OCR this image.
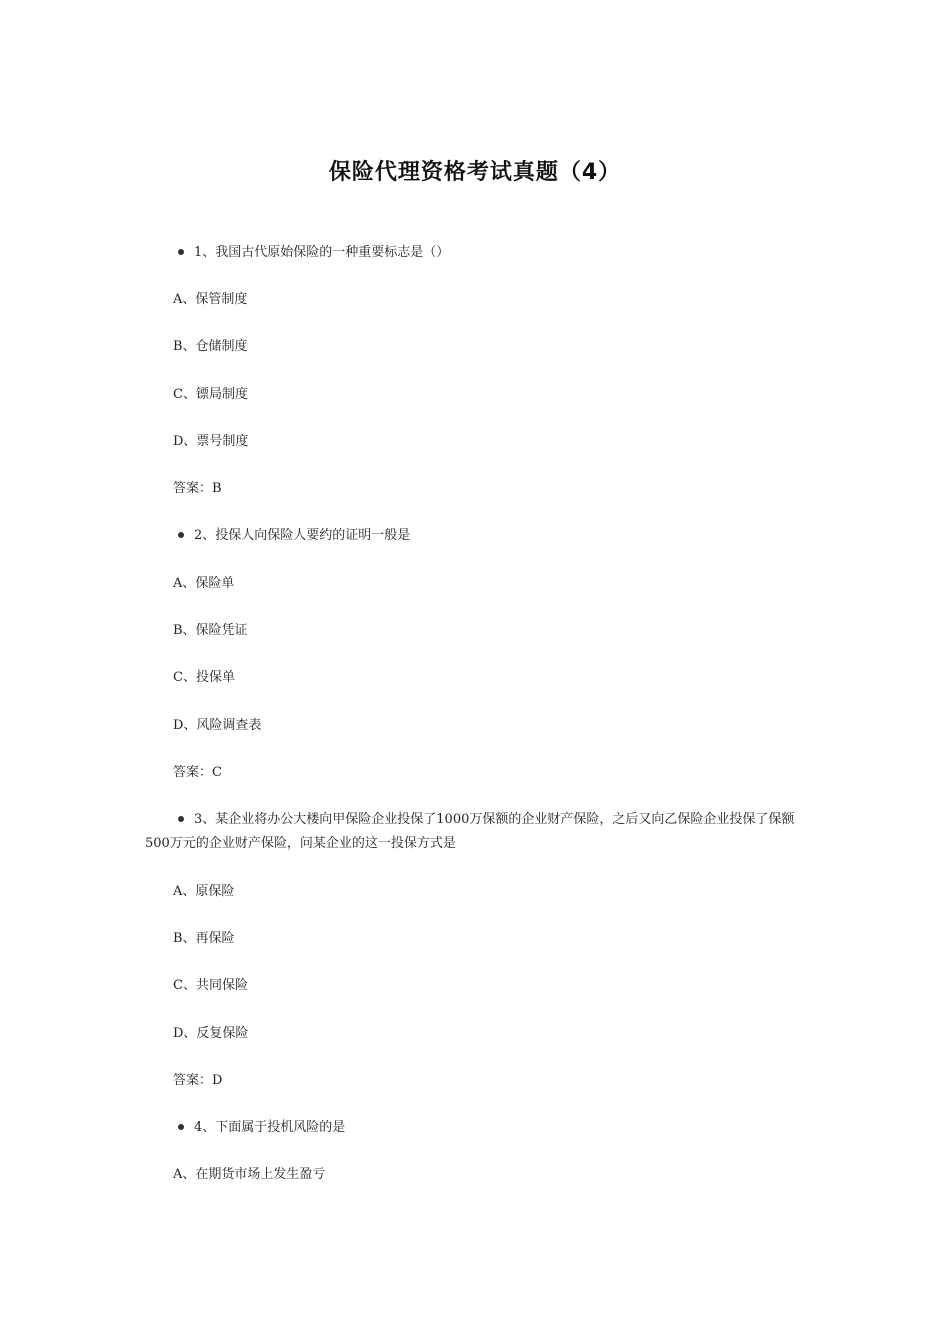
保险代理资格考试真题（4）
1、我国古代原始保险的一种重要标志是（）
A、保管制度
B、仓储制度
C、镖局制度
D、票号制度
答案：B
2、投保人向保险人要约的证明一般是
A、保险单
B、保险凭证
C、投保单
D、风险调查表
答案：C
3、某企业将办公大楼向甲保险企业投保了1000万保额的企业财产保险，之后又向乙保险企业投保了保额500万元的企业财产保险，问某企业的这一投保方式是
A、原保险
B、再保险
C、共同保险
D、反复保险
答案：D
4、下面属于投机风险的是
A、在期货市场上发生盈亏
